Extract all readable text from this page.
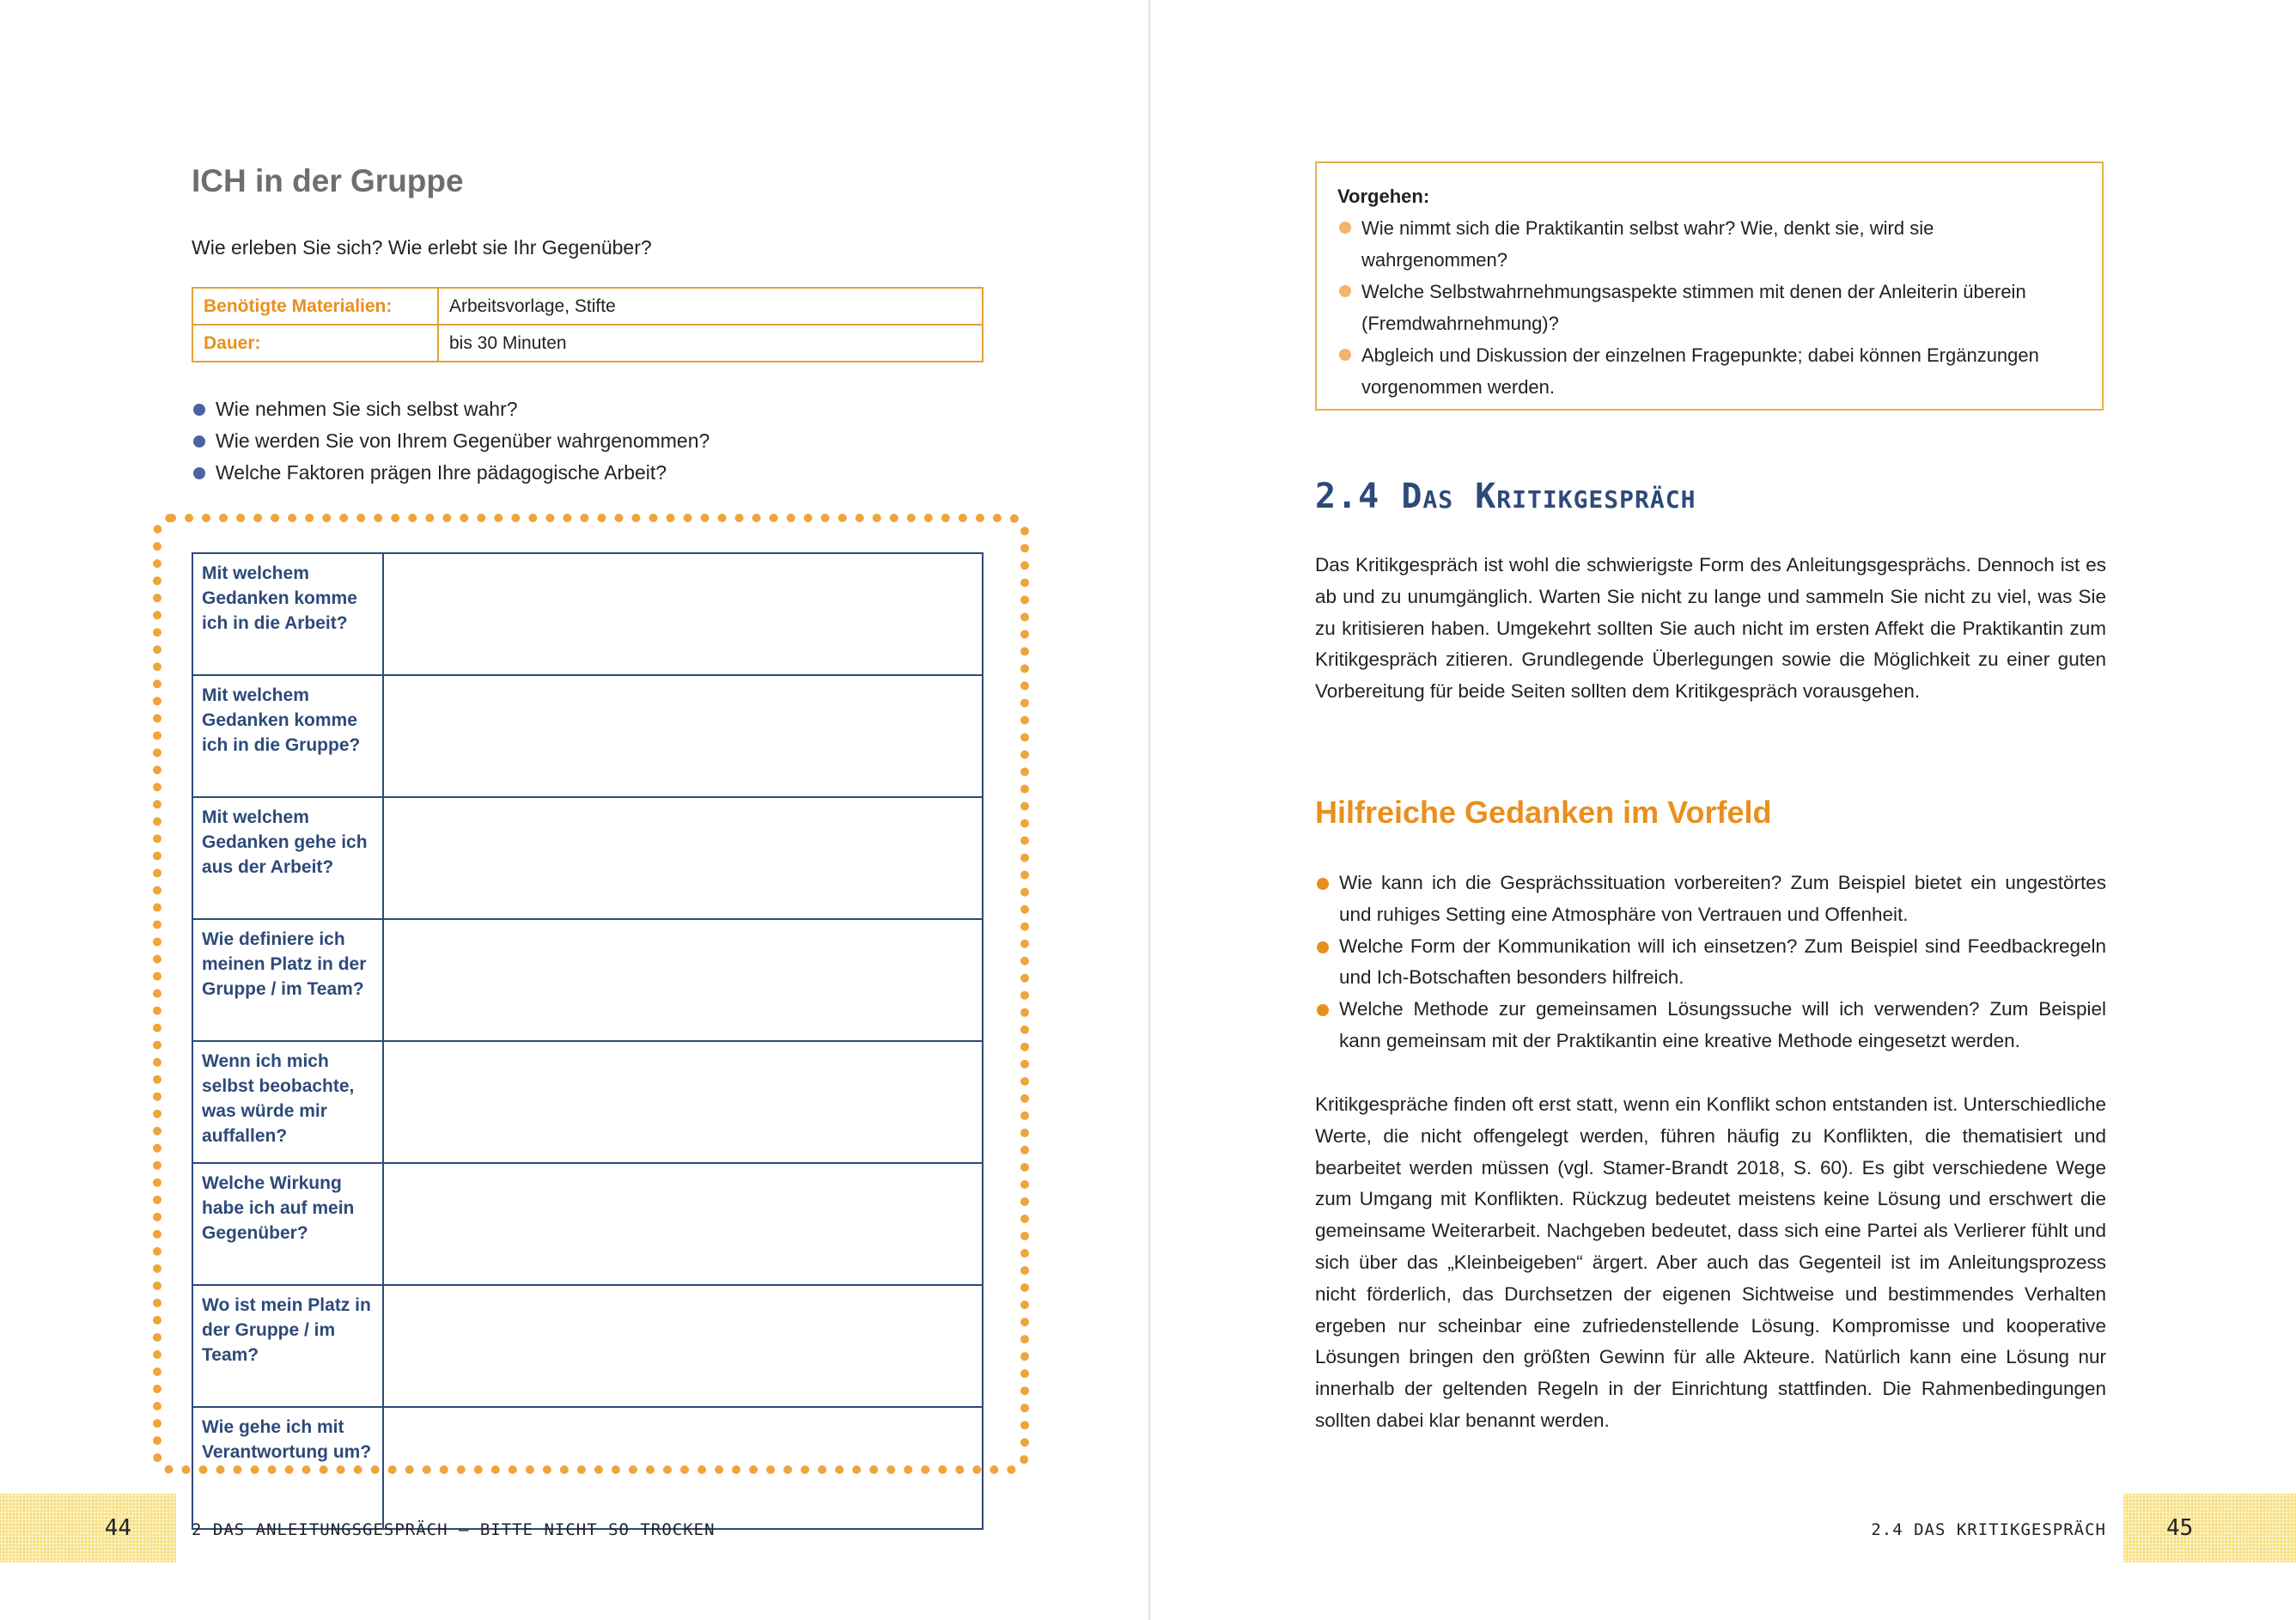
ICH in der Gruppe
Wie erleben Sie sich? Wie erlebt sie Ihr Gegenüber?
Benötigte Materialien:	Arbeitsvorlage, Stifte
Dauer:	bis 30 Minuten
Wie nehmen Sie sich selbst wahr?
Wie werden Sie von Ihrem Gegenüber wahrgenommen?
Welche Faktoren prägen Ihre pädagogische Arbeit?
Mit welchem Gedanken komme ich in die Arbeit?	
Mit welchem Gedanken komme ich in die Gruppe?	
Mit welchem Gedanken gehe ich aus der Arbeit?	
Wie definiere ich meinen Platz in der Gruppe / im Team?	
Wenn ich mich selbst beobachte, was würde mir auffallen?	
Welche Wirkung habe ich auf mein Gegenüber?	
Wo ist mein Platz in der Gruppe / im Team?	
Wie gehe ich mit Verantwortung um?	
44	2 DAS ANLEITUNGSGESPRÄCH – BITTE NICHT SO TROCKEN
Vorgehen:
Wie nimmt sich die Praktikantin selbst wahr? Wie, denkt sie, wird sie wahrgenommen?
Welche Selbstwahrnehmungsaspekte stimmen mit denen der Anleiterin überein (Fremdwahrnehmung)?
Abgleich und Diskussion der einzelnen Fragepunkte; dabei können Ergänzungen vorgenommen werden.
2.4 Das Kritikgespräch
Das Kritikgespräch ist wohl die schwierigste Form des Anleitungsgesprächs. Dennoch ist es ab und zu unumgänglich. Warten Sie nicht zu lange und sammeln Sie nicht zu viel, was Sie zu kritisieren haben. Umgekehrt sollten Sie auch nicht im ersten Affekt die Praktikantin zum Kritikgespräch zitieren. Grundlegende Überlegungen sowie die Möglichkeit zu einer guten Vorbereitung für beide Seiten sollten dem Kritikgespräch vorausgehen.
Hilfreiche Gedanken im Vorfeld
Wie kann ich die Gesprächssituation vorbereiten? Zum Beispiel bietet ein ungestörtes und ruhiges Setting eine Atmosphäre von Vertrauen und Offenheit.
Welche Form der Kommunikation will ich einsetzen? Zum Beispiel sind Feedbackregeln und Ich-Botschaften besonders hilfreich.
Welche Methode zur gemeinsamen Lösungssuche will ich verwenden? Zum Beispiel kann gemeinsam mit der Praktikantin eine kreative Methode eingesetzt werden.
Kritikgespräche finden oft erst statt, wenn ein Konflikt schon entstanden ist. Unterschiedliche Werte, die nicht offengelegt werden, führen häufig zu Konflikten, die thematisiert und bearbeitet werden müssen (vgl. Stamer-Brandt 2018, S. 60). Es gibt verschiedene Wege zum Umgang mit Konflikten. Rückzug bedeutet meistens keine Lösung und erschwert die gemeinsame Weiterarbeit. Nachgeben bedeutet, dass sich eine Partei als Verlierer fühlt und sich über das „Kleinbeigeben“ ärgert. Aber auch das Gegenteil ist im Anleitungsprozess nicht förderlich, das Durchsetzen der eigenen Sichtweise und bestimmendes Verhalten ergeben nur scheinbar eine zufriedenstellende Lösung. Kompromisse und kooperative Lösungen bringen den größten Gewinn für alle Akteure. Natürlich kann eine Lösung nur innerhalb der geltenden Regeln in der Einrichtung stattfinden. Die Rahmenbedingungen sollten dabei klar benannt werden.
2.4 DAS KRITIKGESPRÄCH	45
